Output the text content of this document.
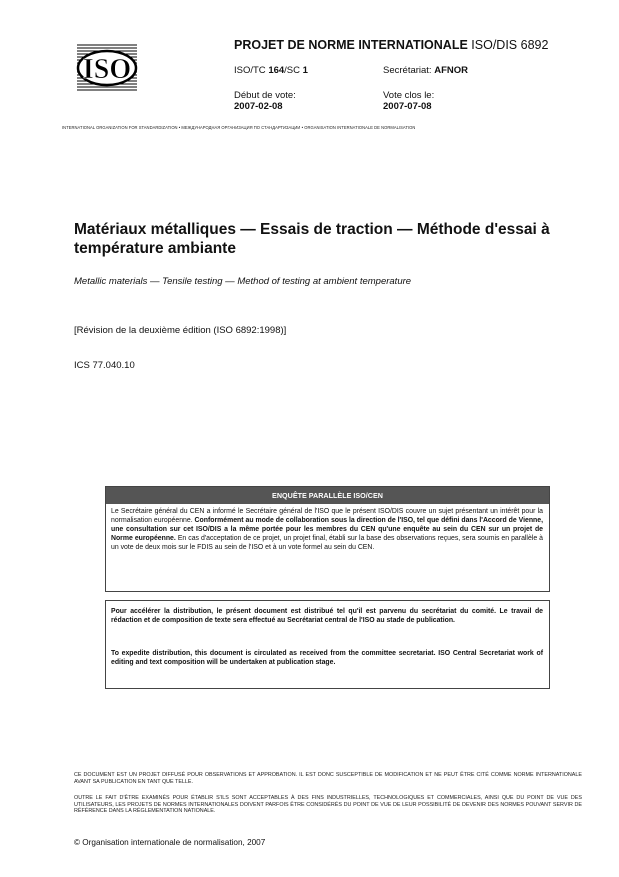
ISO
PROJET DE NORME INTERNATIONALE ISO/DIS 6892
ISO/TC 164/SC 1	Secrétariat: AFNOR
Début de vote:
2007-02-08
Vote clos le:
2007-07-08
INTERNATIONAL ORGANIZATION FOR STANDARDIZATION • МЕЖДУНАРОДНАЯ ОРГАНИЗАЦИЯ ПО СТАНДАРТИЗАЦИИ • ORGANISATION INTERNATIONALE DE NORMALISATION
Matériaux métalliques — Essais de traction — Méthode d'essai à température ambiante
Metallic materials — Tensile testing — Method of testing at ambient temperature
[Révision de la deuxième édition (ISO 6892:1998)]
ICS 77.040.10
ENQUÊTE PARALLÈLE ISO/CEN
Le Secrétaire général du CEN a informé le Secrétaire général de l'ISO que le présent ISO/DIS couvre un sujet présentant un intérêt pour la normalisation européenne. Conformément au mode de collaboration sous la direction de l'ISO, tel que défini dans l'Accord de Vienne, une consultation sur cet ISO/DIS a la même portée pour les membres du CEN qu'une enquête au sein du CEN sur un projet de Norme européenne. En cas d'acceptation de ce projet, un projet final, établi sur la base des observations reçues, sera soumis en parallèle à un vote de deux mois sur le FDIS au sein de l'ISO et à un vote formel au sein du CEN.
Pour accélérer la distribution, le présent document est distribué tel qu'il est parvenu du secrétariat du comité. Le travail de rédaction et de composition de texte sera effectué au Secrétariat central de l'ISO au stade de publication.
To expedite distribution, this document is circulated as received from the committee secretariat. ISO Central Secretariat work of editing and text composition will be undertaken at publication stage.
CE DOCUMENT EST UN PROJET DIFFUSÉ POUR OBSERVATIONS ET APPROBATION. IL EST DONC SUSCEPTIBLE DE MODIFICATION ET NE PEUT ÊTRE CITÉ COMME NORME INTERNATIONALE AVANT SA PUBLICATION EN TANT QUE TELLE.
OUTRE LE FAIT D'ÊTRE EXAMINÉS POUR ÉTABLIR S'ILS SONT ACCEPTABLES À DES FINS INDUSTRIELLES, TECHNOLOGIQUES ET COMMERCIALES, AINSI QUE DU POINT DE VUE DES UTILISATEURS, LES PROJETS DE NORMES INTERNATIONALES DOIVENT PARFOIS ÊTRE CONSIDÉRÉS DU POINT DE VUE DE LEUR POSSIBILITÉ DE DEVENIR DES NORMES POUVANT SERVIR DE RÉFÉRENCE DANS LA RÉGLEMENTATION NATIONALE.
© Organisation internationale de normalisation, 2007
